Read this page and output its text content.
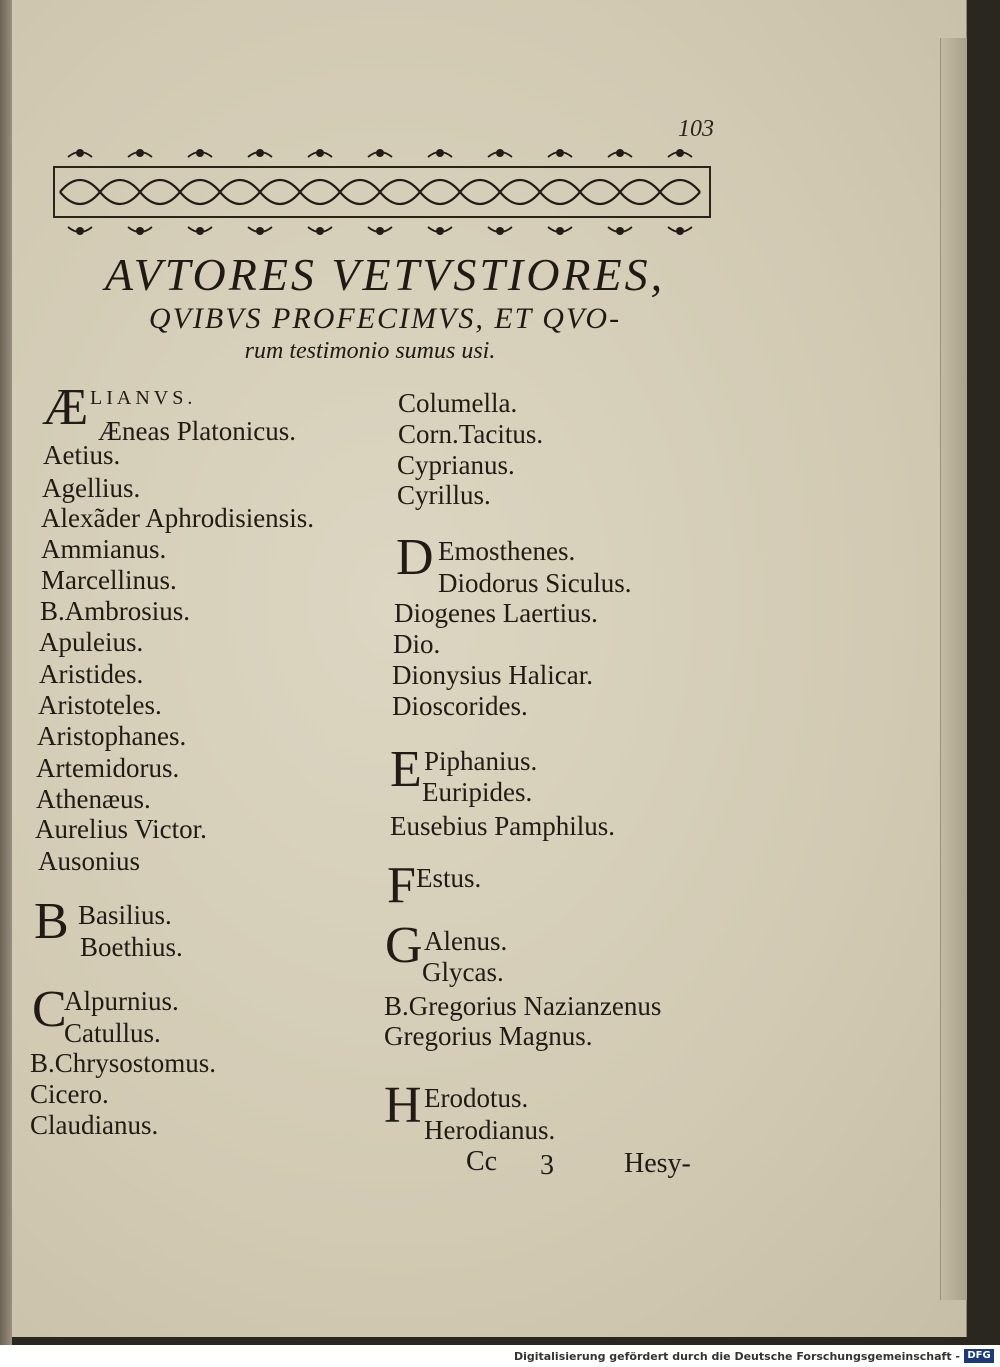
103
AVTORES VETVSTIORES,
QVIBVS PROFECIMVS, ET QVO-
rum testimonio sumus usi.
Æ LIANVS.
Æneas Platonicus.
Aetius.
Agellius.
Alexãder Aphrodisiensis.
Ammianus.
Marcellinus.
B.Ambrosius.
Apuleius.
Aristides.
Aristoteles.
Aristophanes.
Artemidorus.
Athenæus.
Aurelius Victor.
Ausonius
B Basilius.
Boethius.
C
Alpurnius.
Catullus.
B.Chrysostomus.
Cicero.
Claudianus.
Columella.
Corn.Tacitus.
Cyprianus.
Cyrillus.
D Emosthenes.
Diodorus Siculus.
Diogenes Laertius.
Dio.
Dionysius Halicar.
Dioscorides.
E Piphanius.
Euripides.
Eusebius Pamphilus.
F Estus.
G Alenus.
Glycas.
B.Gregorius Nazianzenus
Gregorius Magnus.
H Erodotus.
Herodianus.
Cc 3	Hesy-
Digitalisierung gefördert durch die Deutsche Forschungsgemeinschaft - DFG
